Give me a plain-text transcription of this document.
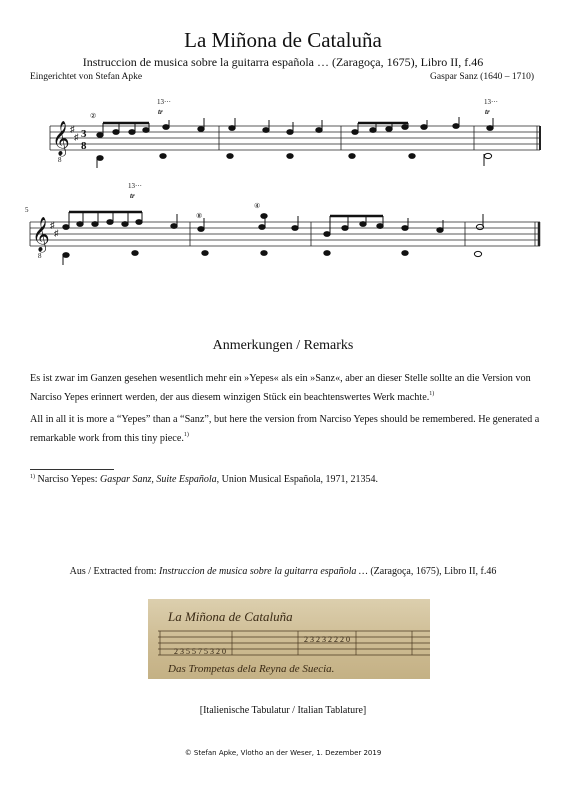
La Miñona de Cataluña
Instruccion de musica sobre la guitarra española … (Zaragoça, 1675), Libro II, f.46
Eingerichtet von Stefan Apke	Gaspar Sanz (1640 – 1710)
𝄞
8
♯
♯ 3
8
②
13···
tr
13···
tr
𝄞
8
♯
♯
5
13···
tr
⑧
④
Anmerkungen / Remarks
Es ist zwar im Ganzen gesehen wesentlich mehr ein »Yepes« als ein »Sanz«, aber an dieser Stelle sollte an die Version von Narciso Yepes erinnert werden, der aus diesem winzigen Stück ein beachtenswertes Werk machte.$^{1)}$
All in all it is more a “Yepes” than a “Sanz”, but here the version from Narciso Yepes should be remembered. He generated a remarkable work from this tiny piece.$^{1)}$
$^{1)}$ Narciso Yepes: Gaspar Sanz, Suite Española, Union Musical Española, 1971, 21354.
Aus / Extracted from: Instruccion de musica sobre la guitarra española … (Zaragoça, 1675), Libro II, f.46
La Miñona de Cataluña
2 3 5 5 7 5 3 2 0
2 3 2 3 2 2 2 0
Das Trompetas dela Reyna de Suecia.
[Italienische Tabulatur / Italian Tablature]
© Stefan Apke, Vlotho an der Weser, 1. Dezember 2019
